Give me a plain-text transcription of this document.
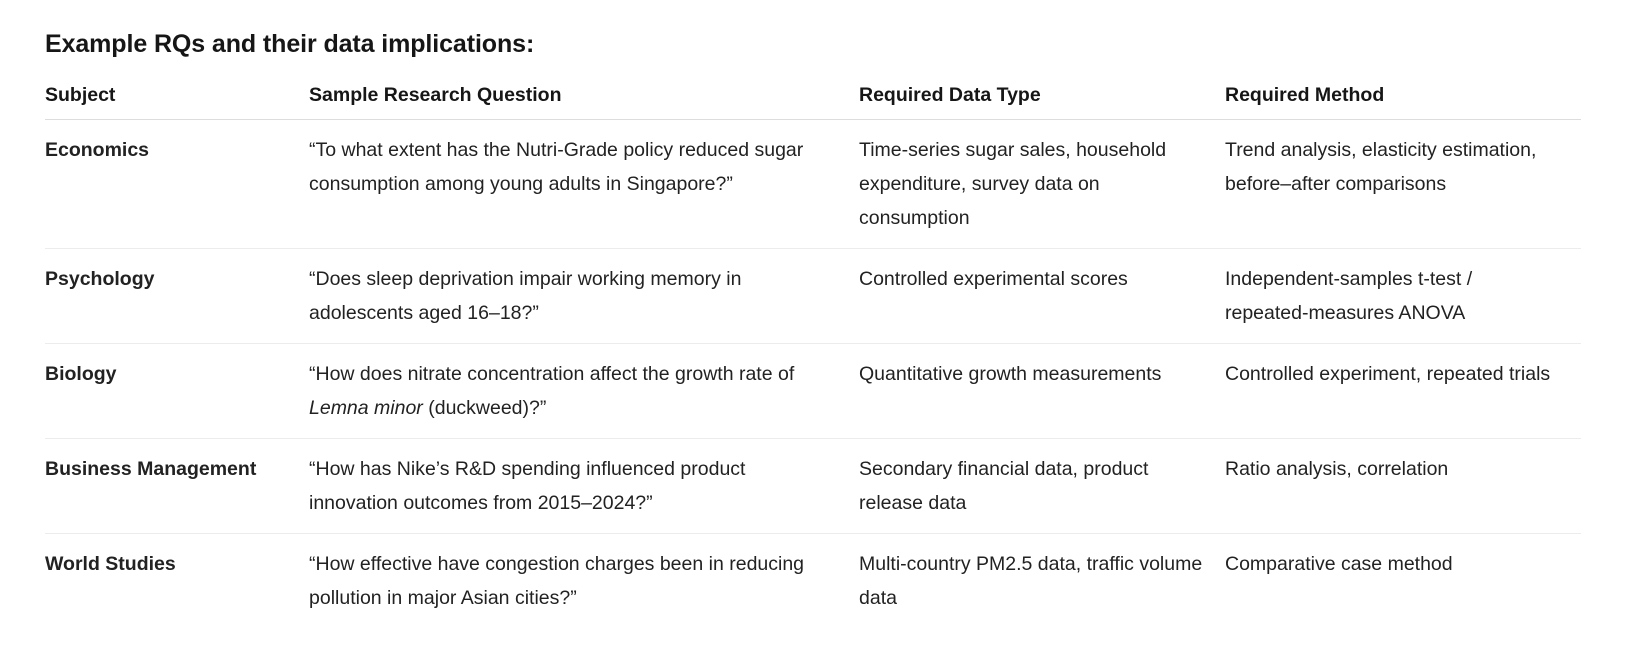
Example RQs and their data implications:
Subject	Sample Research Question	Required Data Type	Required Method

Economics	“To what extent has the Nutri-Grade policy reduced sugar consumption among young adults in Singapore?”	Time-series sugar sales, household expenditure, survey data on consumption	Trend analysis, elasticity estimation, before–after comparisons

Psychology	“Does sleep deprivation impair working memory in adolescents aged 16–18?”	Controlled experimental scores	Independent-samples t-test / repeated-measures ANOVA

Biology	“How does nitrate concentration affect the growth rate of Lemna minor (duckweed)?”	Quantitative growth measurements	Controlled experiment, repeated trials

Business Management	“How has Nike’s R&D spending influenced product innovation outcomes from 2015–2024?”	Secondary financial data, product release data	Ratio analysis, correlation

World Studies	“How effective have congestion charges been in reducing pollution in major Asian cities?”	Multi-country PM2.5 data, traffic volume data	Comparative case method
